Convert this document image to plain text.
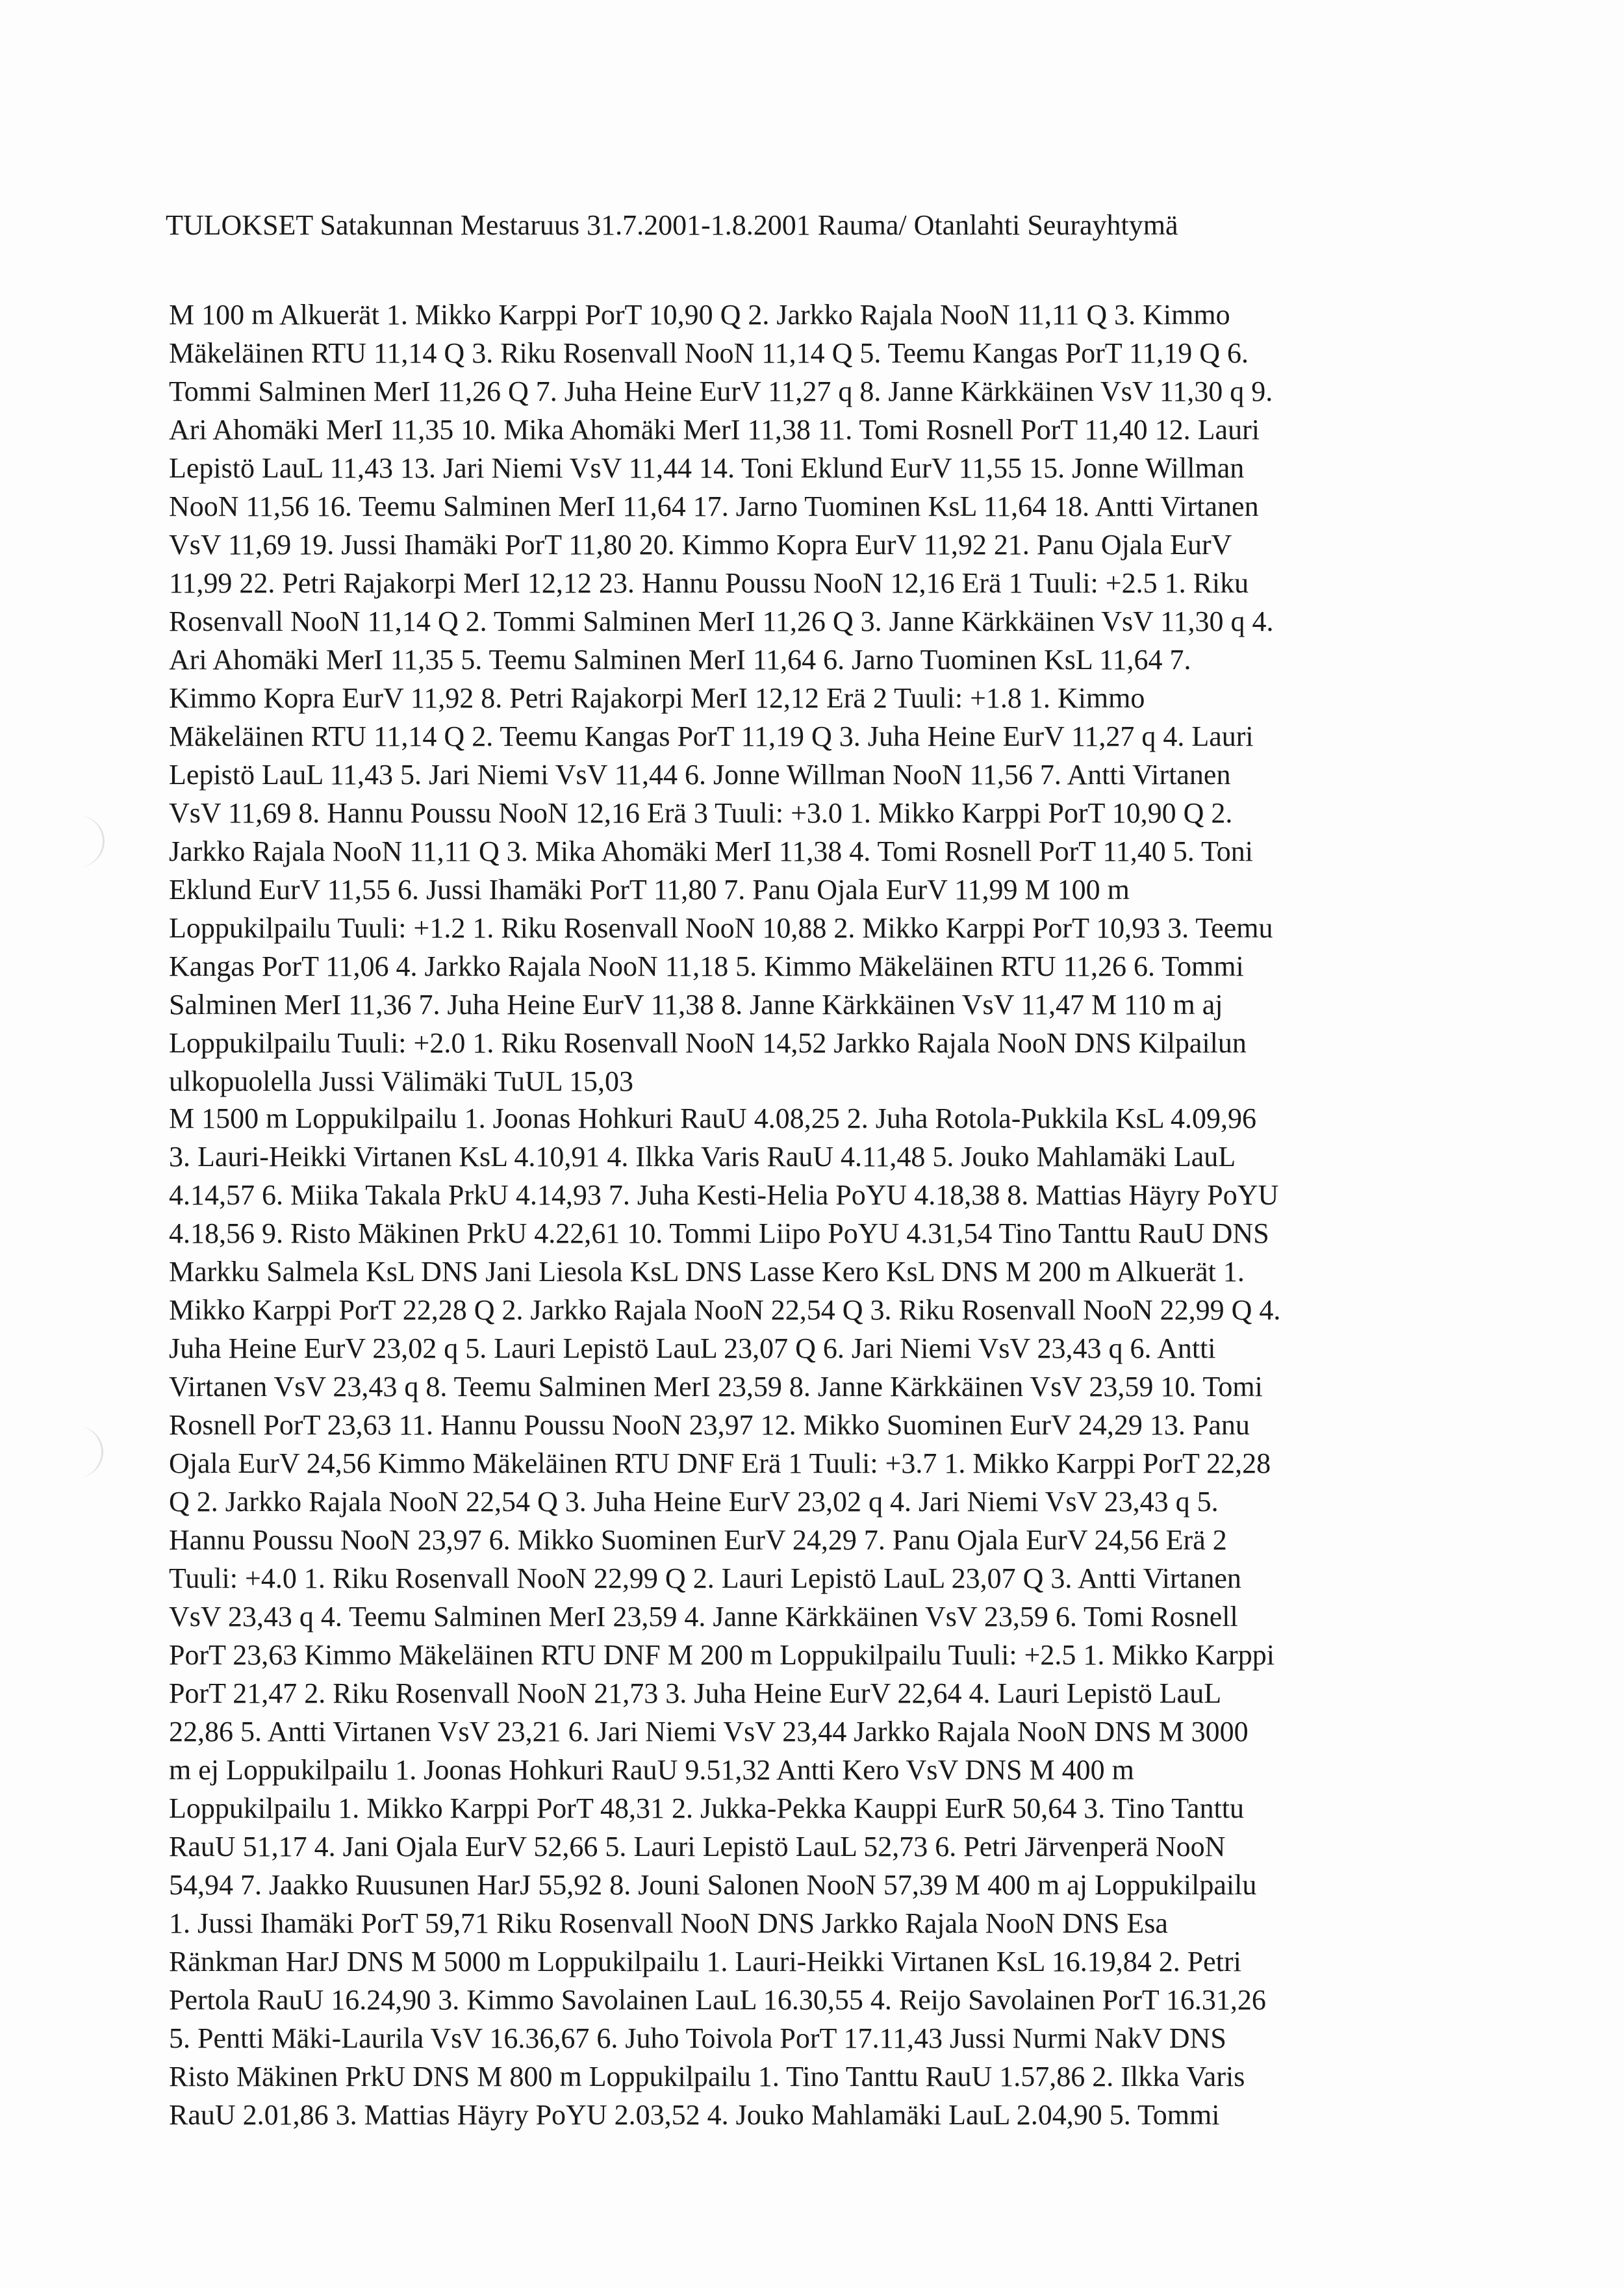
TULOKSET Satakunnan Mestaruus 31.7.2001-1.8.2001 Rauma/ Otanlahti Seurayhtymä
M 100 m Alkuerät 1. Mikko Karppi PorT 10,90 Q 2. Jarkko Rajala NooN 11,11 Q 3. Kimmo
Mäkeläinen RTU 11,14 Q 3. Riku Rosenvall NooN 11,14 Q 5. Teemu Kangas PorT 11,19 Q 6.
Tommi Salminen MerI 11,26 Q 7. Juha Heine EurV 11,27 q 8. Janne Kärkkäinen VsV 11,30 q 9.
Ari Ahomäki MerI 11,35 10. Mika Ahomäki MerI 11,38 11. Tomi Rosnell PorT 11,40 12. Lauri
Lepistö LauL 11,43 13. Jari Niemi VsV 11,44 14. Toni Eklund EurV 11,55 15. Jonne Willman
NooN 11,56 16. Teemu Salminen MerI 11,64 17. Jarno Tuominen KsL 11,64 18. Antti Virtanen
VsV 11,69 19. Jussi Ihamäki PorT 11,80 20. Kimmo Kopra EurV 11,92 21. Panu Ojala EurV
11,99 22. Petri Rajakorpi MerI 12,12 23. Hannu Poussu NooN 12,16 Erä 1 Tuuli: +2.5 1. Riku
Rosenvall NooN 11,14 Q 2. Tommi Salminen MerI 11,26 Q 3. Janne Kärkkäinen VsV 11,30 q 4.
Ari Ahomäki MerI 11,35 5. Teemu Salminen MerI 11,64 6. Jarno Tuominen KsL 11,64 7.
Kimmo Kopra EurV 11,92 8. Petri Rajakorpi MerI 12,12 Erä 2 Tuuli: +1.8 1. Kimmo
Mäkeläinen RTU 11,14 Q 2. Teemu Kangas PorT 11,19 Q 3. Juha Heine EurV 11,27 q 4. Lauri
Lepistö LauL 11,43 5. Jari Niemi VsV 11,44 6. Jonne Willman NooN 11,56 7. Antti Virtanen
VsV 11,69 8. Hannu Poussu NooN 12,16 Erä 3 Tuuli: +3.0 1. Mikko Karppi PorT 10,90 Q 2.
Jarkko Rajala NooN 11,11 Q 3. Mika Ahomäki MerI 11,38 4. Tomi Rosnell PorT 11,40 5. Toni
Eklund EurV 11,55 6. Jussi Ihamäki PorT 11,80 7. Panu Ojala EurV 11,99 M 100 m
Loppukilpailu Tuuli: +1.2 1. Riku Rosenvall NooN 10,88 2. Mikko Karppi PorT 10,93 3. Teemu
Kangas PorT 11,06 4. Jarkko Rajala NooN 11,18 5. Kimmo Mäkeläinen RTU 11,26 6. Tommi
Salminen MerI 11,36 7. Juha Heine EurV 11,38 8. Janne Kärkkäinen VsV 11,47 M 110 m aj
Loppukilpailu Tuuli: +2.0 1. Riku Rosenvall NooN 14,52 Jarkko Rajala NooN DNS Kilpailun
ulkopuolella Jussi Välimäki TuUL 15,03
M 1500 m Loppukilpailu 1. Joonas Hohkuri RauU 4.08,25 2. Juha Rotola-Pukkila KsL 4.09,96
3. Lauri-Heikki Virtanen KsL 4.10,91 4. Ilkka Varis RauU 4.11,48 5. Jouko Mahlamäki LauL
4.14,57 6. Miika Takala PrkU 4.14,93 7. Juha Kesti-Helia PoYU 4.18,38 8. Mattias Häyry PoYU
4.18,56 9. Risto Mäkinen PrkU 4.22,61 10. Tommi Liipo PoYU 4.31,54 Tino Tanttu RauU DNS
Markku Salmela KsL DNS Jani Liesola KsL DNS Lasse Kero KsL DNS M 200 m Alkuerät 1.
Mikko Karppi PorT 22,28 Q 2. Jarkko Rajala NooN 22,54 Q 3. Riku Rosenvall NooN 22,99 Q 4.
Juha Heine EurV 23,02 q 5. Lauri Lepistö LauL 23,07 Q 6. Jari Niemi VsV 23,43 q 6. Antti
Virtanen VsV 23,43 q 8. Teemu Salminen MerI 23,59 8. Janne Kärkkäinen VsV 23,59 10. Tomi
Rosnell PorT 23,63 11. Hannu Poussu NooN 23,97 12. Mikko Suominen EurV 24,29 13. Panu
Ojala EurV 24,56 Kimmo Mäkeläinen RTU DNF Erä 1 Tuuli: +3.7 1. Mikko Karppi PorT 22,28
Q 2. Jarkko Rajala NooN 22,54 Q 3. Juha Heine EurV 23,02 q 4. Jari Niemi VsV 23,43 q 5.
Hannu Poussu NooN 23,97 6. Mikko Suominen EurV 24,29 7. Panu Ojala EurV 24,56 Erä 2
Tuuli: +4.0 1. Riku Rosenvall NooN 22,99 Q 2. Lauri Lepistö LauL 23,07 Q 3. Antti Virtanen
VsV 23,43 q 4. Teemu Salminen MerI 23,59 4. Janne Kärkkäinen VsV 23,59 6. Tomi Rosnell
PorT 23,63 Kimmo Mäkeläinen RTU DNF M 200 m Loppukilpailu Tuuli: +2.5 1. Mikko Karppi
PorT 21,47 2. Riku Rosenvall NooN 21,73 3. Juha Heine EurV 22,64 4. Lauri Lepistö LauL
22,86 5. Antti Virtanen VsV 23,21 6. Jari Niemi VsV 23,44 Jarkko Rajala NooN DNS M 3000
m ej Loppukilpailu 1. Joonas Hohkuri RauU 9.51,32 Antti Kero VsV DNS M 400 m
Loppukilpailu 1. Mikko Karppi PorT 48,31 2. Jukka-Pekka Kauppi EurR 50,64 3. Tino Tanttu
RauU 51,17 4. Jani Ojala EurV 52,66 5. Lauri Lepistö LauL 52,73 6. Petri Järvenperä NooN
54,94 7. Jaakko Ruusunen HarJ 55,92 8. Jouni Salonen NooN 57,39 M 400 m aj Loppukilpailu
1. Jussi Ihamäki PorT 59,71 Riku Rosenvall NooN DNS Jarkko Rajala NooN DNS Esa
Ränkman HarJ DNS M 5000 m Loppukilpailu 1. Lauri-Heikki Virtanen KsL 16.19,84 2. Petri
Pertola RauU 16.24,90 3. Kimmo Savolainen LauL 16.30,55 4. Reijo Savolainen PorT 16.31,26
5. Pentti Mäki-Laurila VsV 16.36,67 6. Juho Toivola PorT 17.11,43 Jussi Nurmi NakV DNS
Risto Mäkinen PrkU DNS M 800 m Loppukilpailu 1. Tino Tanttu RauU 1.57,86 2. Ilkka Varis
RauU 2.01,86 3. Mattias Häyry PoYU 2.03,52 4. Jouko Mahlamäki LauL 2.04,90 5. Tommi
